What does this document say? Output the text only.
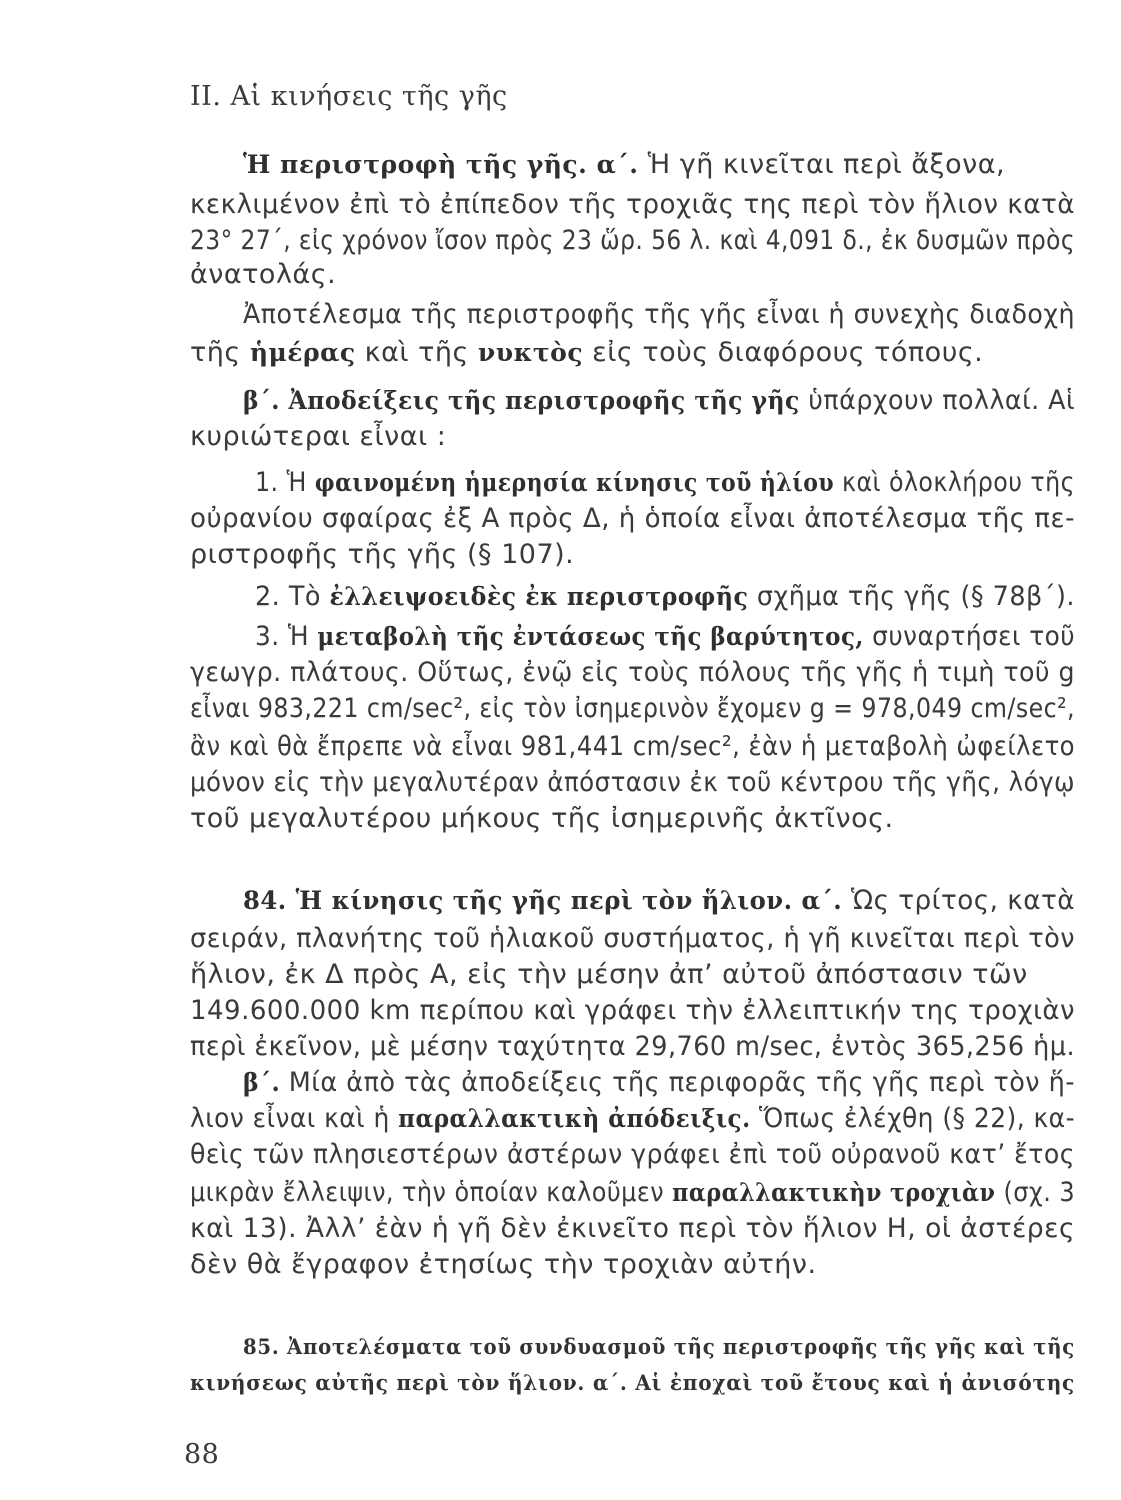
II. Αἱ κινήσεις τῆς γῆς
Ἡ περιστροφὴ τῆς γῆς. α΄. Ἡ γῆ κινεῖται περὶ ἄξονα,
κεκλιμένον ἐπὶ τὸ ἐπίπεδον τῆς τροχιᾶς της περὶ τὸν ἥλιον κατὰ
23° 27΄, εἰς χρόνον ἴσον πρὸς 23 ὥρ. 56 λ. καὶ 4,091 δ., ἐκ δυσμῶν πρὸς
ἀνατολάς.
Ἀποτέλεσμα τῆς περιστροφῆς τῆς γῆς εἶναι ἡ συνεχὴς διαδοχὴ
τῆς ἡμέρας καὶ τῆς νυκτὸς εἰς τοὺς διαφόρους τόπους.
β΄. Ἀποδείξεις τῆς περιστροφῆς τῆς γῆς ὑπάρχουν πολλαί. Αἱ
κυριώτεραι εἶναι :
1. Ἡ φαινομένη ἡμερησία κίνησις τοῦ ἡλίου καὶ ὁλοκλήρου τῆς
οὐρανίου σφαίρας ἐξ Α πρὸς Δ, ἡ ὁποία εἶναι ἀποτέλεσμα τῆς πε-
ριστροφῆς τῆς γῆς (§ 107).
2. Τὸ ἐλλειψοειδὲς ἐκ περιστροφῆς σχῆμα τῆς γῆς (§ 78β΄).
3. Ἡ μεταβολὴ τῆς ἐντάσεως τῆς βαρύτητος, συναρτήσει τοῦ
γεωγρ. πλάτους. Οὕτως, ἐνῷ εἰς τοὺς πόλους τῆς γῆς ἡ τιμὴ τοῦ g
εἶναι 983,221 cm/sec², εἰς τὸν ἰσημερινὸν ἔχομεν g = 978,049 cm/sec²,
ἂν καὶ θὰ ἔπρεπε νὰ εἶναι 981,441 cm/sec², ἐὰν ἡ μεταβολὴ ὠφείλετο
μόνον εἰς τὴν μεγαλυτέραν ἀπόστασιν ἐκ τοῦ κέντρου τῆς γῆς, λόγῳ
τοῦ μεγαλυτέρου μήκους τῆς ἰσημερινῆς ἀκτῖνος.
84. Ἡ κίνησις τῆς γῆς περὶ τὸν ἥλιον. α΄. Ὡς τρίτος, κατὰ
σειράν, πλανήτης τοῦ ἡλιακοῦ συστήματος, ἡ γῆ κινεῖται περὶ τὸν
ἥλιον, ἐκ Δ πρὸς Α, εἰς τὴν μέσην ἀπ’ αὐτοῦ ἀπόστασιν τῶν
149.600.000 km περίπου καὶ γράφει τὴν ἐλλειπτικήν της τροχιὰν
περὶ ἐκεῖνον, μὲ μέσην ταχύτητα 29,760 m/sec, ἐντὸς 365,256 ἡμ.
β΄. Μία ἀπὸ τὰς ἀποδείξεις τῆς περιφορᾶς τῆς γῆς περὶ τὸν ἥ-
λιον εἶναι καὶ ἡ παραλλακτικὴ ἀπόδειξις. Ὅπως ἐλέχθη (§ 22), κα-
θεὶς τῶν πλησιεστέρων ἀστέρων γράφει ἐπὶ τοῦ οὐρανοῦ κατ’ ἔτος
μικρὰν ἔλλειψιν, τὴν ὁποίαν καλοῦμεν παραλλακτικὴν τροχιὰν (σχ. 3
καὶ 13). Ἀλλ’ ἐὰν ἡ γῆ δὲν ἐκινεῖτο περὶ τὸν ἥλιον Η, οἱ ἀστέρες
δὲν θὰ ἔγραφον ἐτησίως τὴν τροχιὰν αὐτήν.
85. Ἀποτελέσματα τοῦ συνδυασμοῦ τῆς περιστροφῆς τῆς γῆς καὶ τῆς
κινήσεως αὐτῆς περὶ τὸν ἥλιον. α΄. Αἱ ἐποχαὶ τοῦ ἔτους καὶ ἡ ἀνισότης
88
